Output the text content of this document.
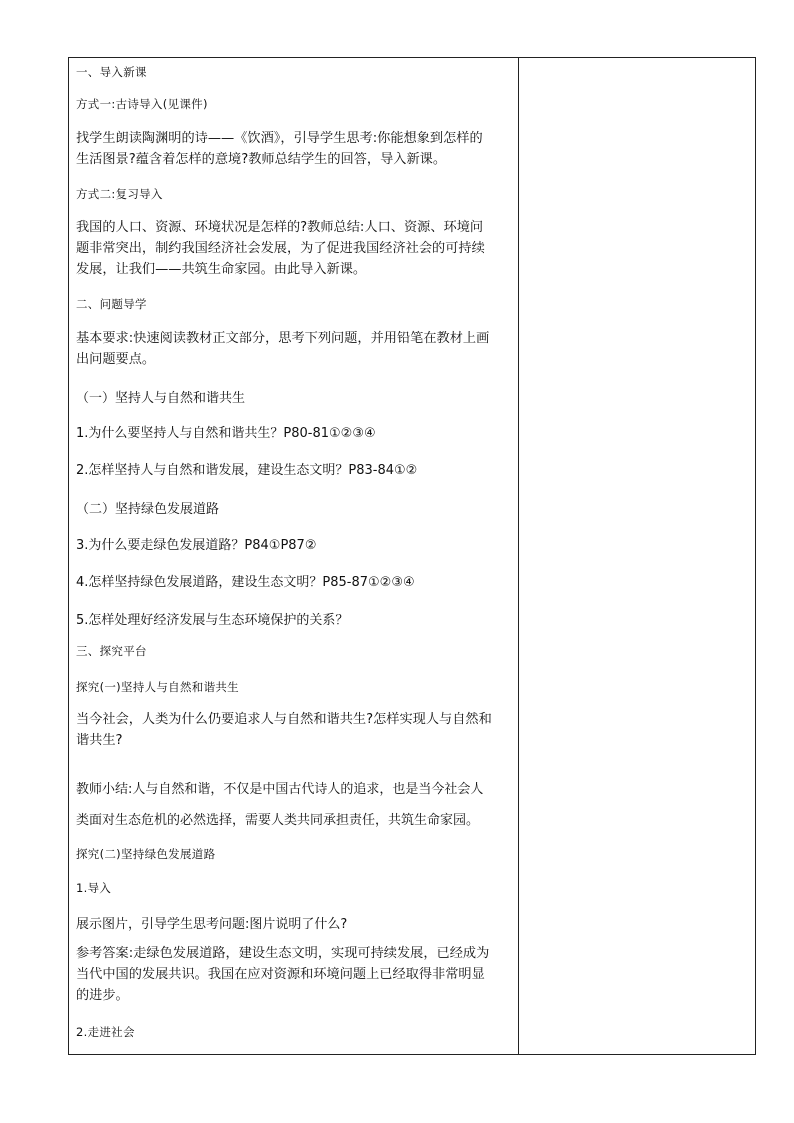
一、导入新课
方式一:古诗导入(见课件)
找学生朗读陶渊明的诗——《饮酒》，引导学生思考:你能想象到怎样的
生活图景?蕴含着怎样的意境?教师总结学生的回答，导入新课。
方式二:复习导入
我国的人口、资源、环境状况是怎样的?教师总结:人口、资源、环境问
题非常突出，制约我国经济社会发展，为了促进我国经济社会的可持续
发展，让我们——共筑生命家园。由此导入新课。
二、问题导学
基本要求:快速阅读教材正文部分，思考下列问题，并用铅笔在教材上画
出问题要点。
（一）坚持人与自然和谐共生
1.为什么要坚持人与自然和谐共生？P80-81①②③④
2.怎样坚持人与自然和谐发展，建设生态文明？P83-84①②
（二）坚持绿色发展道路
3.为什么要走绿色发展道路？P84①P87②
4.怎样坚持绿色发展道路，建设生态文明？P85-87①②③④
5.怎样处理好经济发展与生态环境保护的关系？
三、探究平台
探究(一)坚持人与自然和谐共生
当今社会，人类为什么仍要追求人与自然和谐共生?怎样实现人与自然和
谐共生?
教师小结:人与自然和谐，不仅是中国古代诗人的追求，也是当今社会人
类面对生态危机的必然选择，需要人类共同承担责任，共筑生命家园。
探究(二)坚持绿色发展道路
1.导入
展示图片，引导学生思考问题:图片说明了什么?
参考答案:走绿色发展道路，建设生态文明，实现可持续发展，已经成为
当代中国的发展共识。我国在应对资源和环境问题上已经取得非常明显
的进步。
2.走进社会
